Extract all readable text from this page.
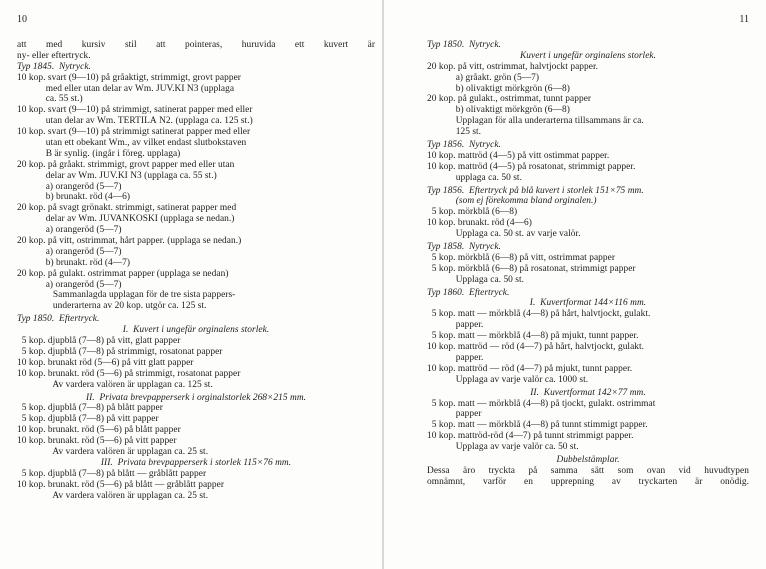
10
att med kursiv stil att pointeras, huruvida ett kuvert är
ny- eller eftertryck.
Typ 1845.  Nytryck.
10 kop. svart (9—10) på gråaktigt, strimmigt, grovt papper
med eller utan delar av Wm. JUV.KI N3 (upplaga
ca. 55 st.)
10 kop. svart (9—10) på strimmigt, satinerat papper med eller
utan delar av Wm. TERTILÄ N2. (upplaga ca. 125 st.)
10 kop. svart (9—10) på strimmigt satinerat papper med eller
utan ett obekant Wm., av vilket endast slutbokstaven
B är synlig. (ingår i föreg. upplaga)
20 kop. på gråakt. strimmigt, grovt papper med eller utan
delar av Wm. JUV.KI N3 (upplaga ca. 55 st.)
a) orangeröd (5—7)
b) brunakt. röd (4—6)
20 kop. på svagt grönakt. strimmigt, satinerat papper med
delar av Wm. JUVANKOSKI (upplaga se nedan.)
a) orangeröd (5—7)
20 kop. på vitt, ostrimmat, hårt papper. (upplaga se nedan.)
a) orangeröd (5—7)
b) brunakt. röd (4—7)
20 kop. på gulakt. ostrimmat papper (upplaga se nedan)
a) orangeröd (5—7)
Sammanlagda upplagan för de tre sista pappers-
underarterna av 20 kop. utgör ca. 125 st.
Typ 1850.  Eftertryck.
I.  Kuvert i ungefär orginalens storlek.
5 kop. djupblå (7—8) på vitt, glatt papper
5 kop. djupblå (7—8) på strimmigt, rosatonat papper
10 kop. brunakt röd (5—6) på vitt glatt papper
10 kop. brunakt. röd (5—6) på strimmigt, rosatonat papper
Av vardera valören är upplagan ca. 125 st.
II.  Privata brevpapperserk i orginalstorlek 268×215 mm.
5 kop. djupblå (7—8) på blått papper
5 kop. djupblå (7—8) på vitt papper
10 kop. brunakt. röd (5—6) på blått papper
10 kop. brunakt. röd (5—6) på vitt papper
Av vardera valören är upplagan ca. 25 st.
III.  Privata brevpapperserk i storlek 115×76 mm.
5 kop. djupblå (7—8) på blått — gråblått papper
10 kop. brunakt. röd (5—6) på blått — gråblått papper
Av vardera valören är upplagan ca. 25 st.
11
Typ 1850.  Nytryck.
Kuvert i ungefär orginalens storlek.
20 kop. på vitt, ostrimmat, halvtjockt papper.
a) gråakt. grön (5—7)
b) olivaktigt mörkgrön (6—8)
20 kop. på gulakt., ostrimmat, tunnt papper
b) olivaktigt mörkgrön (6—8)
Upplagan för alla underarterna tillsammans är ca.
125 st.
Typ 1856.  Nytryck.
10 kop. mattröd (4—5) på vitt ostimmat papper.
10 kop. mattröd (4—5) på rosatonat, strimmigt papper.
upplaga ca. 50 st.
Typ 1856.  Eftertryck på blå kuvert i storlek 151×75 mm.
(som ej förekomma bland orginalen.)
5 kop. mörkblå (6—8)
10 kop. brunakt. röd (4—6)
Upplaga ca. 50 st. av varje valör.
Typ 1858.  Nytryck.
5 kop. mörkblå (6—8) på vitt, ostrimmat papper
5 kop. mörkblå (6—8) på rosatonat, strimmigt papper
Upplaga ca. 50 st.
Typ 1860.  Eftertryck.
I.  Kuvertformat 144×116 mm.
5 kop. matt — mörkblå (4—8) på hårt, halvtjockt, gulakt.
papper.
5 kop. matt — mörkblå (4—8) på mjukt, tunnt papper.
10 kop. mattröd — röd (4—7) på hårt, halvtjockt, gulakt.
papper.
10 kop. mattröd — röd (4—7) på mjukt, tunnt papper.
Upplaga av varje valör ca. 1000 st.
II.  Kuvertformat 142×77 mm.
5 kop. matt — mörkblå (4—8) på tjockt, gulakt. ostrimmat
papper
5 kop. matt — mörkblå (4—8) på tunnt stimmigt papper.
10 kop. mattröd-röd (4—7) på tunnt strimmigt papper.
Upplaga av varje valör ca. 50 st.
Dubbelstämplar.
Dessa äro tryckta på samma sätt som ovan vid huvudtypen
omnämnt, varför en upprepning av tryckarten är onödig.
